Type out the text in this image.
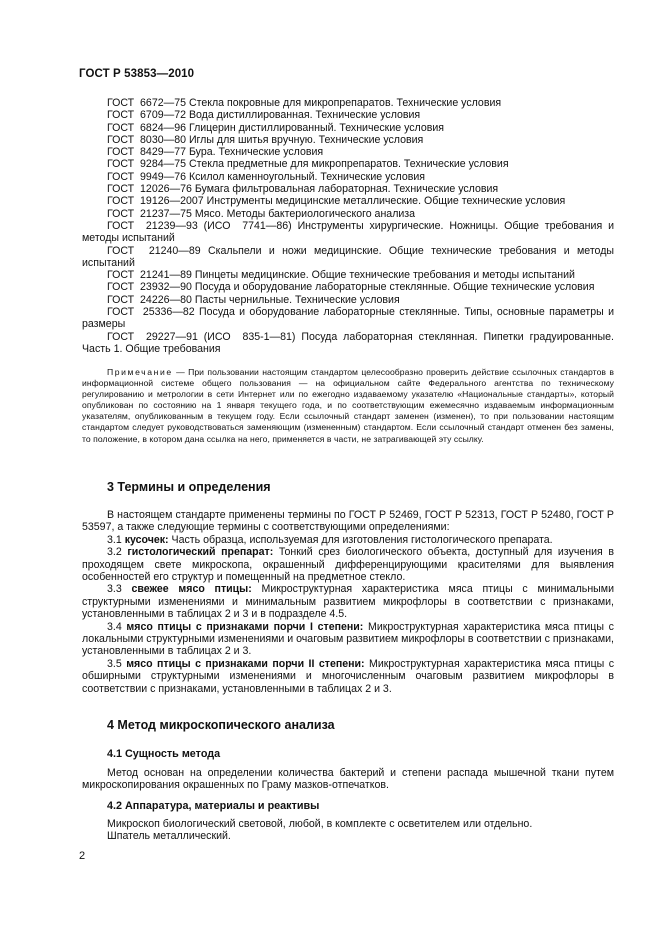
ГОСТ Р 53853—2010

ГОСТ  6672—75 Стекла покровные для микропрепаратов. Технические условия

ГОСТ  6709—72 Вода дистиллированная. Технические условия

ГОСТ  6824—96 Глицерин дистиллированный. Технические условия

ГОСТ  8030—80 Иглы для шитья вручную. Технические условия

ГОСТ  8429—77 Бура. Технические условия

ГОСТ  9284—75 Стекла предметные для микропрепаратов. Технические условия

ГОСТ  9949—76 Ксилол каменноугольный. Технические условия

ГОСТ  12026—76 Бумага фильтровальная лабораторная. Технические условия

ГОСТ  19126—2007 Инструменты медицинские металлические. Общие технические условия

ГОСТ  21237—75 Мясо. Методы бактериологического анализа

ГОСТ  21239—93 (ИСО  7741—86) Инструменты хирургические. Ножницы. Общие требования и методы испытаний

ГОСТ  21240—89 Скальпели и ножи медицинские. Общие технические требования и методы испытаний

ГОСТ  21241—89 Пинцеты медицинские. Общие технические требования и методы испытаний

ГОСТ  23932—90 Посуда и оборудование лабораторные стеклянные. Общие технические условия

ГОСТ  24226—80 Пасты чернильные. Технические условия

ГОСТ  25336—82 Посуда и оборудование лабораторные стеклянные. Типы, основные параметры и размеры

ГОСТ  29227—91 (ИСО  835-1—81) Посуда лабораторная стеклянная. Пипетки градуированные. Часть 1. Общие требования

Примечание — При пользовании настоящим стандартом целесообразно проверить действие ссылочных стандартов в информационной системе общего пользования — на официальном сайте Федерального агентства по техническому регулированию и метрологии в сети Интернет или по ежегодно издаваемому указателю «Национальные стандарты», который опубликован по состоянию на 1 января текущего года, и по соответствующим ежемесячно издаваемым информационным указателям, опубликованным в текущем году. Если ссылочный стандарт заменен (изменен), то при пользовании настоящим стандартом следует руководствоваться заменяющим (измененным) стандартом. Если ссылочный стандарт отменен без замены, то положение, в котором дана ссылка на него, применяется в части, не затрагивающей эту ссылку.
3 Термины и определения

В настоящем стандарте применены термины по ГОСТ Р 52469, ГОСТ Р 52313, ГОСТ Р 52480, ГОСТ Р 53597, а также следующие термины с соответствующими определениями:

3.1 кусочек: Часть образца, используемая для изготовления гистологического препарата.

3.2 гистологический препарат: Тонкий срез биологического объекта, доступный для изучения в проходящем свете микроскопа, окрашенный дифференцирующими красителями для выявления особенностей его структур и помещенный на предметное стекло.

3.3 свежее мясо птицы: Микроструктурная характеристика мяса птицы с минимальными структурными изменениями и минимальным развитием микрофлоры в соответствии с признаками, установленными в таблицах 2 и 3 и в подразделе 4.5.

3.4 мясо птицы с признаками порчи I степени: Микроструктурная характеристика мяса птицы с локальными структурными изменениями и очаговым развитием микрофлоры в соответствии с признаками, установленными в таблицах 2 и 3.

3.5 мясо птицы с признаками порчи II степени: Микроструктурная характеристика мяса птицы с обширными структурными изменениями и многочисленным очаговым развитием микрофлоры в соответствии с признаками, установленными в таблицах 2 и 3.

4 Метод микроскопического анализа
4.1 Сущность метода

Метод основан на определении количества бактерий и степени распада мышечной ткани путем микроскопирования окрашенных по Граму мазков-отпечатков.

4.2 Аппаратура, материалы и реактивы

Микроскоп биологический световой, любой, в комплекте с осветителем или отдельно.

Шпатель металлический.

2
